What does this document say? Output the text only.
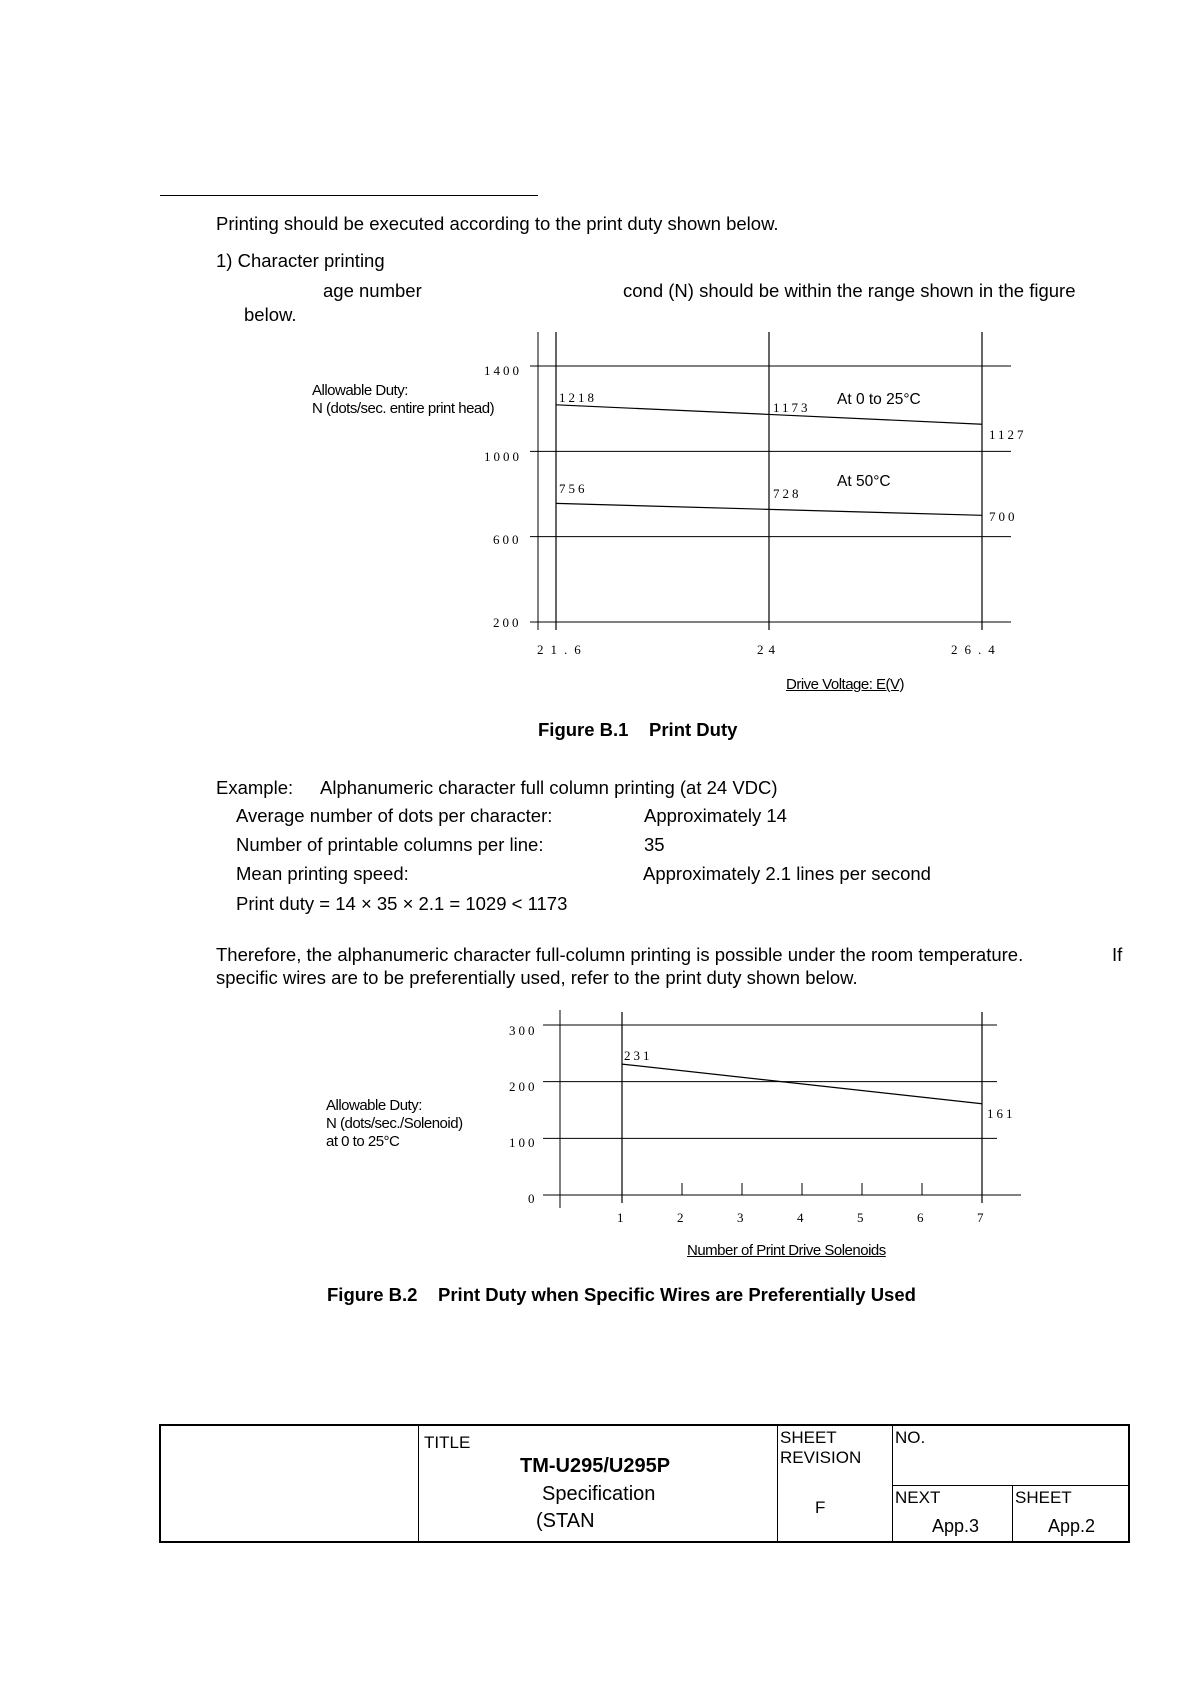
Printing should be executed according to the print duty shown below.
1) Character printing
age number	cond (N) should be within the range shown in the figure
below.
Allowable Duty:
N (dots/sec. entire print head)
1400
1000
600
200
21.6	24	26.4
1218
1173
1127
756	728
700
At 0 to 25°C
At 50°C
Drive Voltage: E(V)
Figure B.1    Print Duty
Example: Alphanumeric character full column printing (at 24 VDC)
Average number of dots per character:	Approximately 14
Number of printable columns per line:	35
Mean printing speed:	Approximately 2.1 lines per second
Print duty = 14 × 35 × 2.1 = 1029 < 1173
Therefore, the alphanumeric character full-column printing is possible under the room temperature.	If
specific wires are to be preferentially used, refer to the print duty shown below.
Allowable Duty:
N (dots/sec./Solenoid)
at 0 to 25°C
300
200
100
0
1	2	3	4	5	6	7
231
161
Number of Print Drive Solenoids
Figure B.2    Print Duty when Specific Wires are Preferentially Used
TITLE
TM-U295/U295P
Specification
(STAN
SHEET
REVISION
F
NO.
NEXT
App.3
SHEET
App.2
